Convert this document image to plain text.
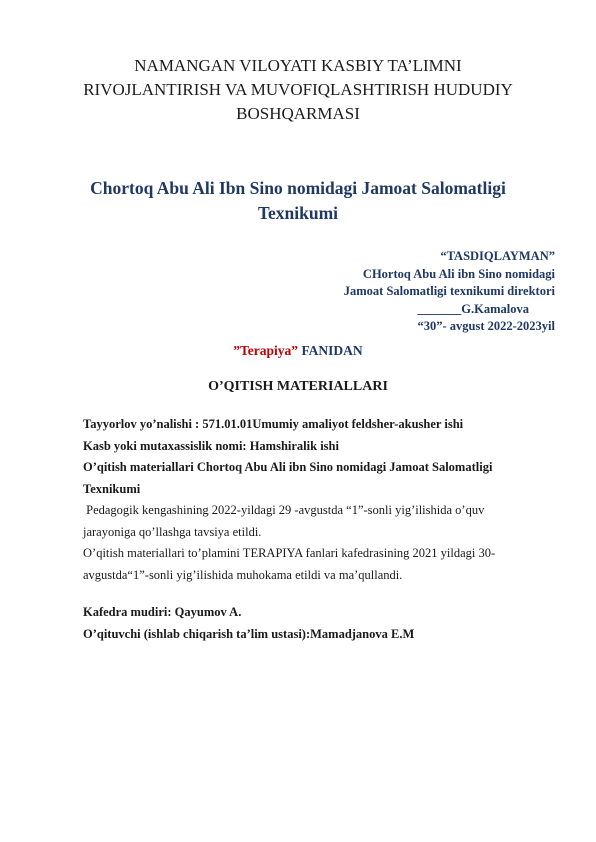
NAMANGAN VILOYATI KASBIY TA’LIMNI
RIVOJLANTIRISH VA MUVOFIQLASHTIRISH HUDUDIY
BOSHQARMASI
Chortoq Abu Ali Ibn Sino nomidagi Jamoat Salomatligi
Texnikumi
“TASDIQLAYMAN”
CHortoq Abu Ali ibn Sino nomidagi
Jamoat Salomatligi texnikumi direktori
_______G.Kamalova
“30”- avgust 2022-2023yil
”Terapiya” FANIDAN
O’QITISH MATERIALLARI
Tayyorlov yo’nalishi : 571.01.01Umumiy amaliyot feldsher-akusher ishi
Kasb yoki mutaxassislik nomi: Hamshiralik ishi
O’qitish materiallari Chortoq Abu Ali ibn Sino nomidagi Jamoat Salomatligi
Texnikumi
Pedagogik kengashining 2022-yildagi 29 -avgustda “1”-sonli yig’ilishida o’quv
jarayoniga qo’llashga tavsiya etildi.
O’qitish materiallari to’plamini TERAPIYA fanlari kafedrasining 2021 yildagi 30-
avgustda“1”-sonli yig’ilishida muhokama etildi va ma’qullandi.
Kafedra mudiri: Qayumov A.
O’qituvchi (ishlab chiqarish ta’lim ustasi):Mamadjanova E.M
